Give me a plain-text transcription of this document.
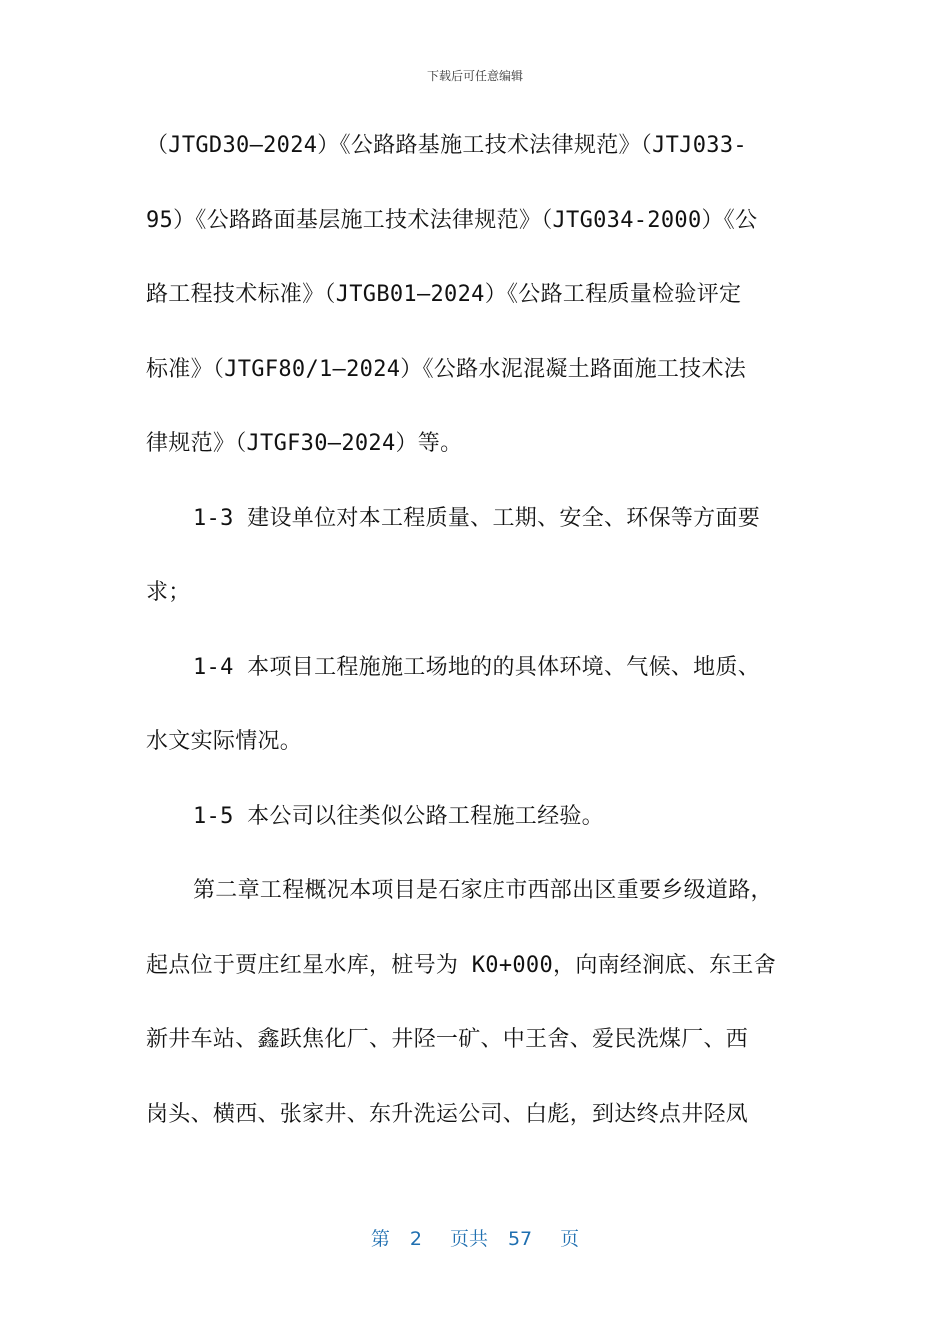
下载后可任意编辑
（JTGD30—2024）《公路路基施工技术法律规范》（JTJ033-
95）《公路路面基层施工技术法律规范》（JTG034-2000）《公
路工程技术标准》（JTGB01—2024）《公路工程质量检验评定
标准》（JTGF80/1—2024）《公路水泥混凝土路面施工技术法
律规范》（JTGF30—2024）等。
1-3 建设单位对本工程质量、工期、安全、环保等方面要
求；
1-4 本项目工程施施工场地的的具体环境、气候、地质、
水文实际情况。
1-5 本公司以往类似公路工程施工经验。
第二章工程概况本项目是石家庄市西部出区重要乡级道路，
起点位于贾庄红星水库，桩号为 K0+000，向南经涧底、东王舍
新井车站、鑫跃焦化厂、井陉一矿、中王舍、爱民洗煤厂、西
岗头、横西、张家井、东升洗运公司、白彪，到达终点井陉凤
第 2 页共 57 页
